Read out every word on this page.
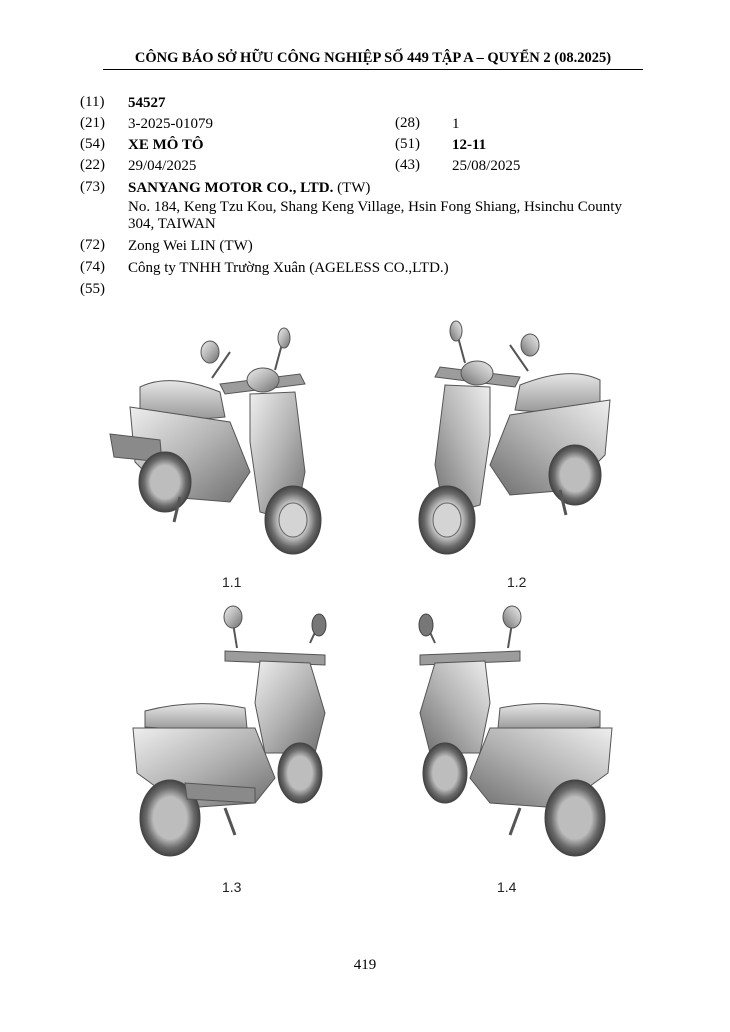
CÔNG BÁO SỞ HỮU CÔNG NGHIỆP SỐ 449 TẬP A – QUYỂN 2 (08.2025)
(11) 54527
(21) 3-2025-01079	(28) 1
(54) XE MÔ TÔ	(51) 12-11
(22) 29/04/2025	(43) 25/08/2025
(73) SANYANG MOTOR CO., LTD. (TW)
No. 184, Keng Tzu Kou, Shang Keng Village, Hsin Fong Shiang, Hsinchu County
304, TAIWAN
(72) Zong Wei LIN (TW)
(74) Công ty TNHH Trường Xuân (AGELESS CO.,LTD.)
(55)
1.1	1.2
1.3	1.4
419
